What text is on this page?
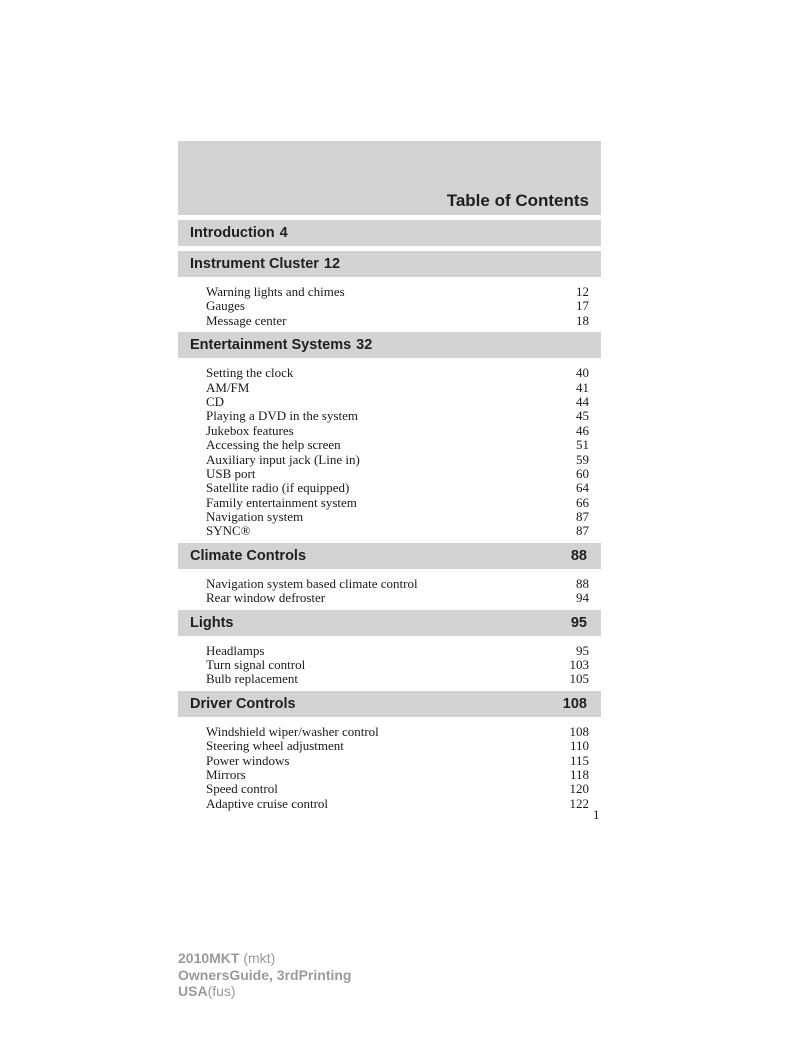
Table of Contents
Introduction 4
Instrument Cluster 12
Warning lights and chimes	12
Gauges	17
Message center	18
Entertainment Systems 32
Setting the clock	40
AM/FM	41
CD	44
Playing a DVD in the system	45
Jukebox features	46
Accessing the help screen	51
Auxiliary input jack (Line in)	59
USB port	60
Satellite radio (if equipped)	64
Family entertainment system	66
Navigation system	87
SYNC®	87
Climate Controls	88
Navigation system based climate control	88
Rear window defroster	94
Lights	95
Headlamps	95
Turn signal control	103
Bulb replacement	105
Driver Controls	108
Windshield wiper/washer control	108
Steering wheel adjustment	110
Power windows	115
Mirrors	118
Speed control	120
Adaptive cruise control	122
1
2010MKT (mkt)
OwnersGuide, 3rdPrinting
USA(fus)
